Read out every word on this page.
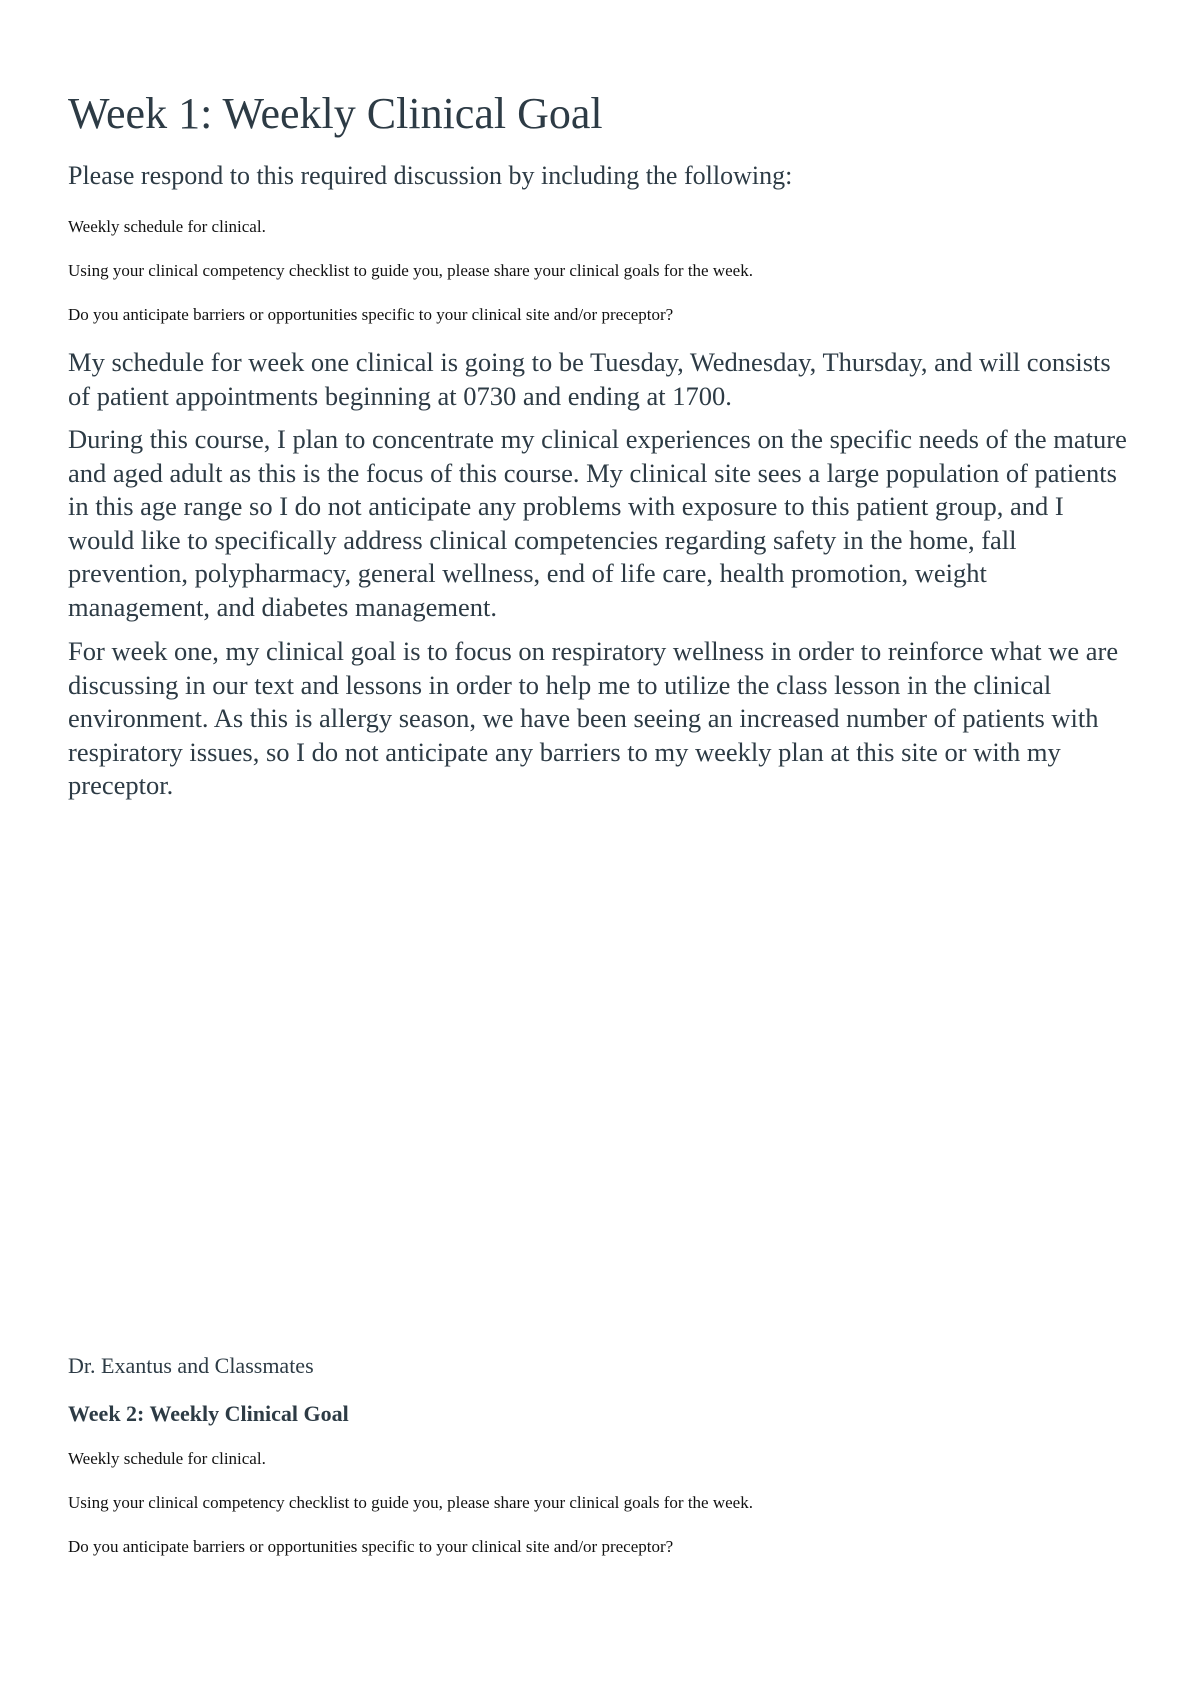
Week 1: Weekly Clinical Goal

Please respond to this required discussion by including the following:

Weekly schedule for clinical.

Using your clinical competency checklist to guide you, please share your clinical goals for the week.

Do you anticipate barriers or opportunities specific to your clinical site and/or preceptor?

My schedule for week one clinical is going to be Tuesday, Wednesday, Thursday, and will consists of patient appointments beginning at 0730 and ending at 1700.

During this course, I plan to concentrate my clinical experiences on the specific needs of the mature and aged adult as this is the focus of this course. My clinical site sees a large population of patients in this age range so I do not anticipate any problems with exposure to this patient group, and I would like to specifically address clinical competencies regarding safety in the home, fall prevention, polypharmacy, general wellness, end of life care, health promotion, weight management, and diabetes management.

For week one, my clinical goal is to focus on respiratory wellness in order to reinforce what we are discussing in our text and lessons in order to help me to utilize the class lesson in the clinical environment. As this is allergy season, we have been seeing an increased number of patients with respiratory issues, so I do not anticipate any barriers to my weekly plan at this site or with my preceptor.

Dr. Exantus and Classmates

Week 2: Weekly Clinical Goal

Weekly schedule for clinical.

Using your clinical competency checklist to guide you, please share your clinical goals for the week.

Do you anticipate barriers or opportunities specific to your clinical site and/or preceptor?
